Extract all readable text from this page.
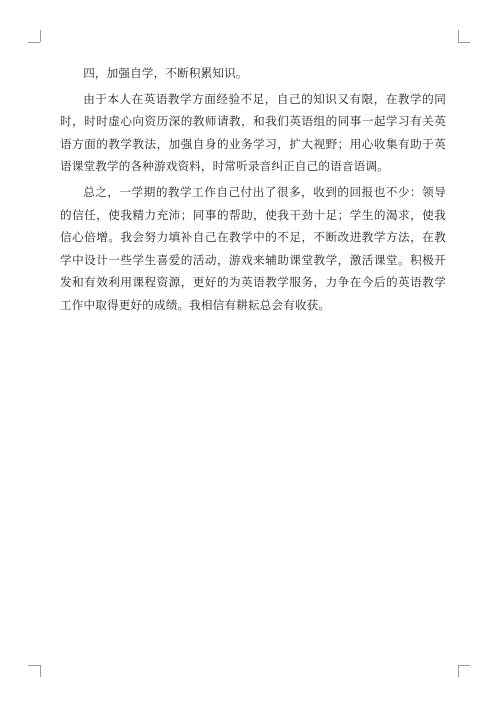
四，加强自学，不断积累知识。

由于本人在英语教学方面经验不足，自己的知识又有限，在教学的同时，时时虚心向资历深的教师请教，和我们英语组的同事一起学习有关英语方面的教学教法，加强自身的业务学习，扩大视野；用心收集有助于英语课堂教学的各种游戏资料，时常听录音纠正自己的语音语调。

总之，一学期的教学工作自己付出了很多，收到的回报也不少：领导的信任，使我精力充沛；同事的帮助，使我干劲十足；学生的渴求，使我信心倍增。我会努力填补自己在教学中的不足，不断改进教学方法，在教学中设计一些学生喜爱的活动，游戏来辅助课堂教学，激活课堂。积极开发和有效利用课程资源，更好的为英语教学服务，力争在今后的英语教学工作中取得更好的成绩。我相信有耕耘总会有收获。
